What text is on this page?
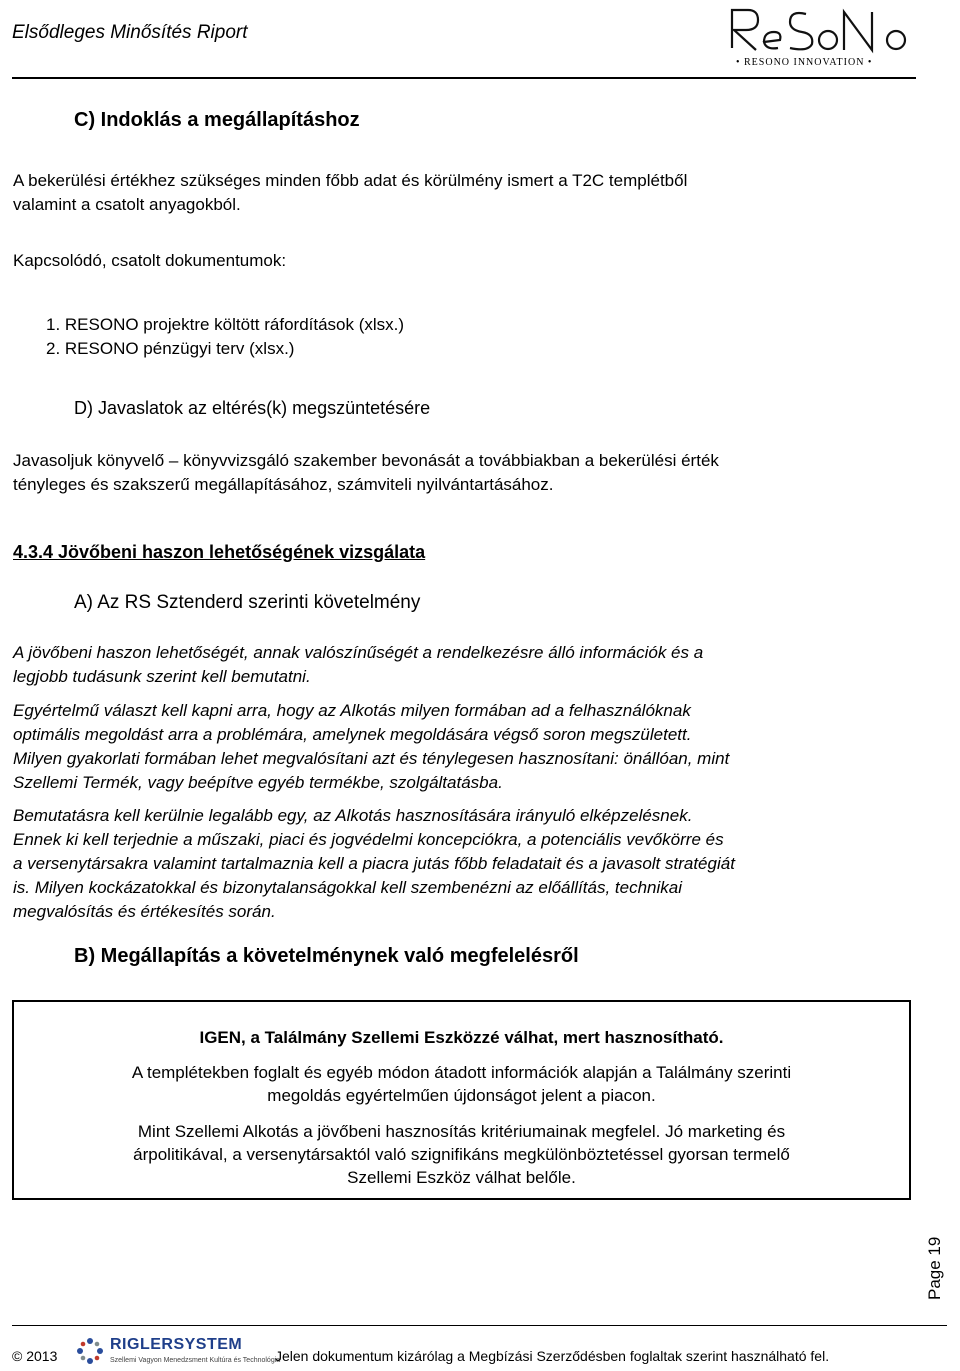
Elsődleges Minősítés Riport
• RESONO INNOVATION •
C) Indoklás a megállapításhoz
A bekerülési értékhez szükséges minden főbb adat és körülmény ismert a T2C templétből
valamint a csatolt anyagokból.
Kapcsolódó, csatolt dokumentumok:
1. RESONO projektre költött ráfordítások (xlsx.)
2. RESONO pénzügyi terv (xlsx.)
D) Javaslatok az eltérés(k) megszüntetésére
Javasoljuk könyvelő – könyvvizsgáló szakember bevonását a továbbiakban a bekerülési érték
tényleges és szakszerű megállapításához, számviteli nyilvántartásához.
4.3.4 Jövőbeni haszon lehetőségének vizsgálata
A) Az RS Sztenderd szerinti követelmény
A jövőbeni haszon lehetőségét, annak valószínűségét a rendelkezésre álló információk és a
legjobb tudásunk szerint kell bemutatni.
Egyértelmű választ kell kapni arra, hogy az Alkotás milyen formában ad a felhasználóknak
optimális megoldást arra a problémára, amelynek megoldására végső soron megszületett.
Milyen gyakorlati formában lehet megvalósítani azt és ténylegesen hasznosítani: önállóan, mint
Szellemi Termék, vagy beépítve egyéb termékbe, szolgáltatásba.
Bemutatásra kell kerülnie legalább egy, az Alkotás hasznosítására irányuló elképzelésnek.
Ennek ki kell terjednie a műszaki, piaci és jogvédelmi koncepciókra, a potenciális vevőkörre és
a versenytársakra valamint tartalmaznia kell a piacra jutás főbb feladatait és a javasolt stratégiát
is. Milyen kockázatokkal és bizonytalanságokkal kell szembenézni az előállítás, technikai
megvalósítás és értékesítés során.
B) Megállapítás a követelménynek való megfelelésről
IGEN, a Találmány Szellemi Eszközzé válhat, mert hasznosítható.
A templétekben foglalt és egyéb módon átadott információk alapján a Találmány szerinti
megoldás egyértelműen újdonságot jelent a piacon.
Mint Szellemi Alkotás a jövőbeni hasznosítás kritériumainak megfelel. Jó marketing és
árpolitikával, a versenytársaktól való szignifikáns megkülönböztetéssel gyorsan termelő
Szellemi Eszköz válhat belőle.
Page 19
© 2013
RIGLERSYSTEM
Szellemi Vagyon Menedzsment Kultúra és Technológia
Jelen dokumentum kizárólag a Megbízási Szerződésben foglaltak szerint használható fel.
